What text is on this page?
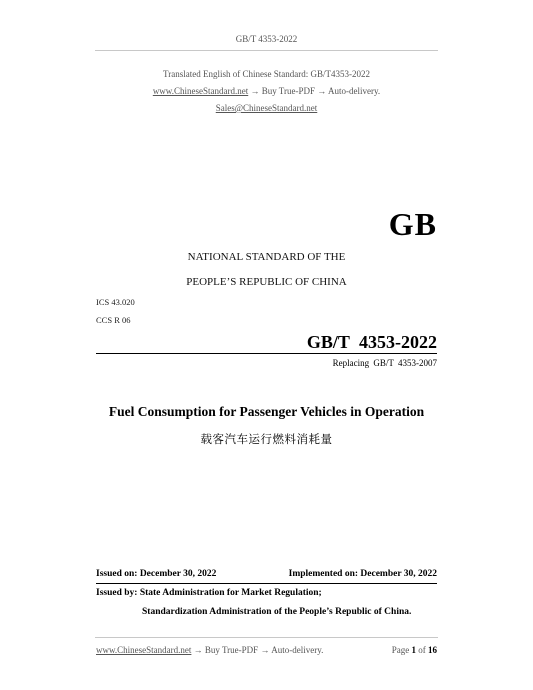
GB/T 4353-2022
Translated English of Chinese Standard: GB/T4353-2022
www.ChineseStandard.net → Buy True-PDF → Auto-delivery.
Sales@ChineseStandard.net
GB
NATIONAL STANDARD OF THE
PEOPLE’S REPUBLIC OF CHINA
ICS 43.020
CCS R 06
GB/T 4353-2022
Replacing GB/T 4353-2007
Fuel Consumption for Passenger Vehicles in Operation
载客汽车运行燃料消耗量
Issued on: December 30, 2022	Implemented on: December 30, 2022
Issued by: State Administration for Market Regulation;
Standardization Administration of the People’s Republic of China.
www.ChineseStandard.net → Buy True-PDF → Auto-delivery.	Page 1 of 16
